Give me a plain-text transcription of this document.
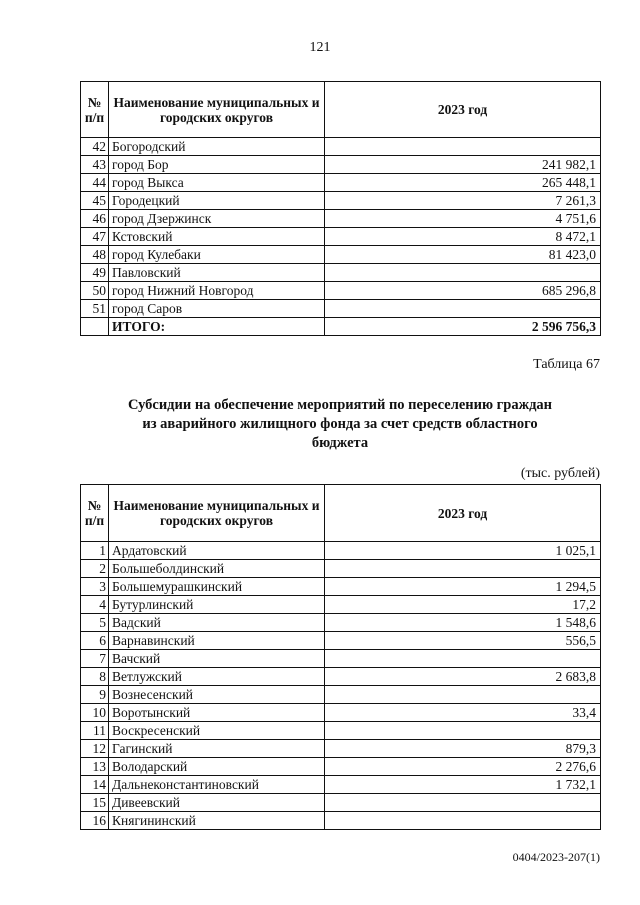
121
№ п/п	Наименование муниципальных и городских округов	2023 год
42	Богородский	
43	город Бор	241 982,1
44	город Выкса	265 448,1
45	Городецкий	7 261,3
46	город Дзержинск	4 751,6
47	Кстовский	8 472,1
48	город Кулебаки	81 423,0
49	Павловский	
50	город Нижний Новгород	685 296,8
51	город Саров	
	ИТОГО:	2 596 756,3
Таблица 67
Субсидии на обеспечение мероприятий по переселению граждан из аварийного жилищного фонда за счет средств областного бюджета
(тыс. рублей)
№ п/п	Наименование муниципальных и городских округов	2023 год
1	Ардатовский	1 025,1
2	Большеболдинский	
3	Большемурашкинский	1 294,5
4	Бутурлинский	17,2
5	Вадский	1 548,6
6	Варнавинский	556,5
7	Вачский	
8	Ветлужский	2 683,8
9	Вознесенский	
10	Воротынский	33,4
11	Воскресенский	
12	Гагинский	879,3
13	Володарский	2 276,6
14	Дальнеконстантиновский	1 732,1
15	Дивеевский	
16	Княгининский	
0404/2023-207(1)
